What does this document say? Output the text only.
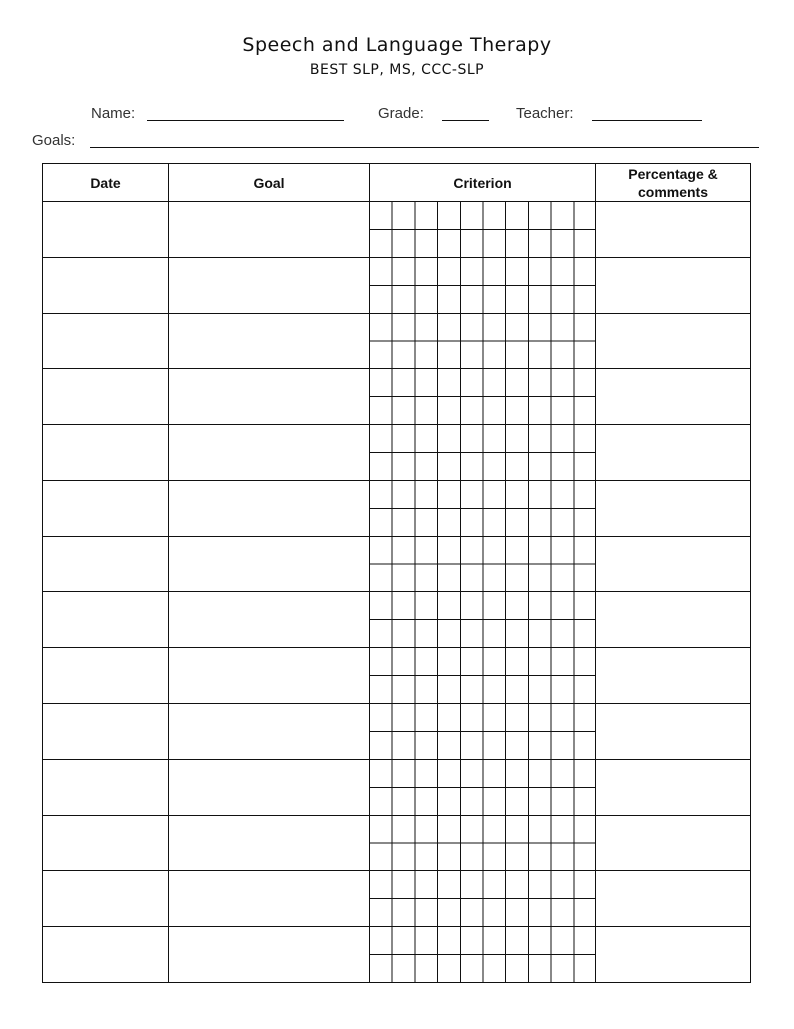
Speech and Language Therapy
BEST SLP, MS, CCC-SLP
Name:	Grade:	Teacher:
Goals:
Date	Goal	Criterion	Percentage & comments
